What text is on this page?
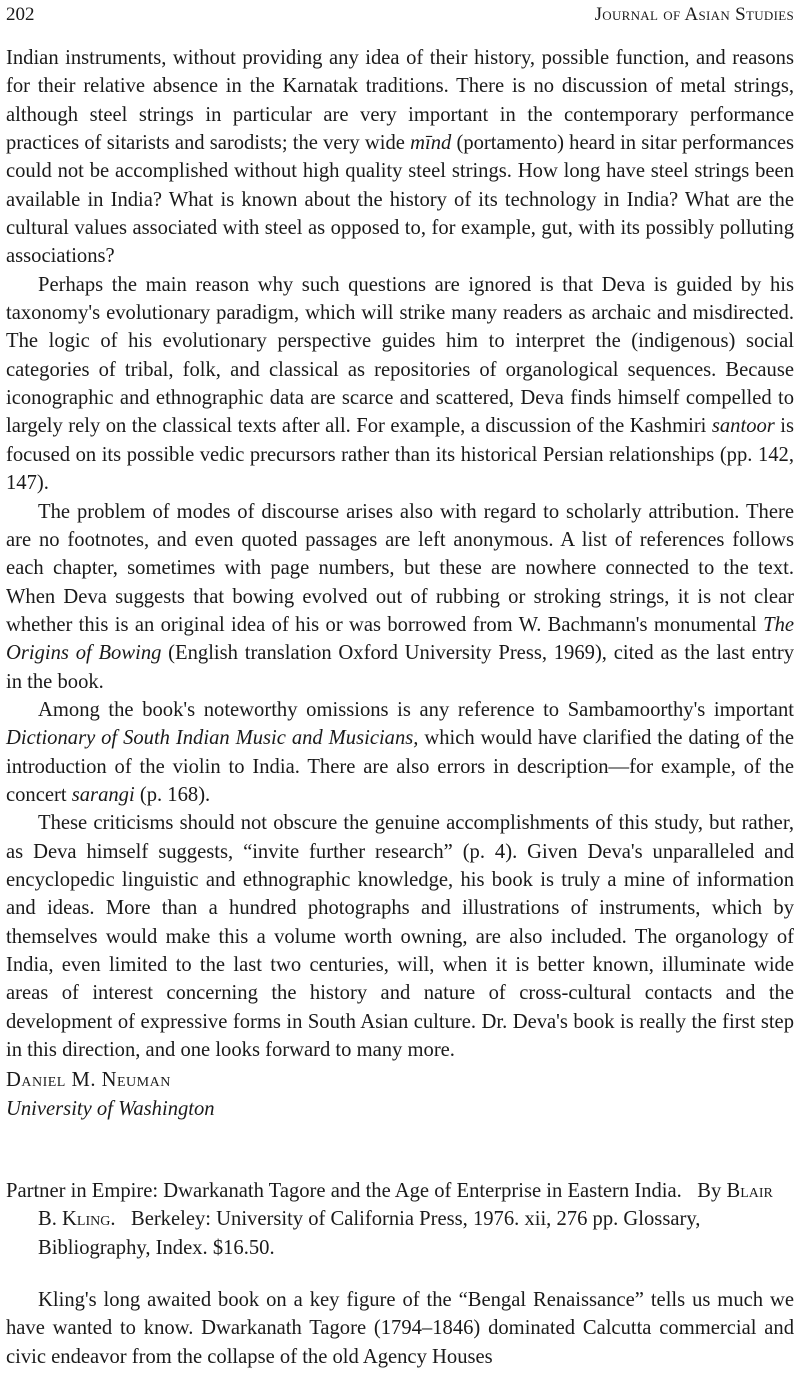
202	Journal of Asian Studies

Indian instruments, without providing any idea of their history, possible function, and reasons for their relative absence in the Karnatak traditions. There is no discussion of metal strings, although steel strings in particular are very important in the contemporary performance practices of sitarists and sarodists; the very wide mīnd (portamento) heard in sitar performances could not be accomplished without high quality steel strings. How long have steel strings been available in India? What is known about the history of its technology in India? What are the cultural values associated with steel as opposed to, for example, gut, with its possibly polluting associations?

Perhaps the main reason why such questions are ignored is that Deva is guided by his taxonomy's evolutionary paradigm, which will strike many readers as archaic and misdirected. The logic of his evolutionary perspective guides him to interpret the (indigenous) social categories of tribal, folk, and classical as repositories of organological sequences. Because iconographic and ethnographic data are scarce and scattered, Deva finds himself compelled to largely rely on the classical texts after all. For example, a discussion of the Kashmiri santoor is focused on its possible vedic precursors rather than its historical Persian relationships (pp. 142, 147).

The problem of modes of discourse arises also with regard to scholarly attribution. There are no footnotes, and even quoted passages are left anonymous. A list of references follows each chapter, sometimes with page numbers, but these are nowhere connected to the text. When Deva suggests that bowing evolved out of rubbing or stroking strings, it is not clear whether this is an original idea of his or was borrowed from W. Bachmann's monumental The Origins of Bowing (English translation Oxford University Press, 1969), cited as the last entry in the book.

Among the book's noteworthy omissions is any reference to Sambamoorthy's important Dictionary of South Indian Music and Musicians, which would have clarified the dating of the introduction of the violin to India. There are also errors in description—for example, of the concert sarangi (p. 168).

These criticisms should not obscure the genuine accomplishments of this study, but rather, as Deva himself suggests, “invite further research” (p. 4). Given Deva's unparalleled and encyclopedic linguistic and ethnographic knowledge, his book is truly a mine of information and ideas. More than a hundred photographs and illustrations of instruments, which by themselves would make this a volume worth owning, are also included. The organology of India, even limited to the last two centuries, will, when it is better known, illuminate wide areas of interest concerning the history and nature of cross-cultural contacts and the development of expressive forms in South Asian culture. Dr. Deva's book is really the first step in this direction, and one looks forward to many more.

Daniel M. Neuman
University of Washington

Partner in Empire: Dwarkanath Tagore and the Age of Enterprise in Eastern India. By Blair B. Kling. Berkeley: University of California Press, 1976. xii, 276 pp. Glossary, Bibliography, Index. $16.50.

Kling's long awaited book on a key figure of the “Bengal Renaissance” tells us much we have wanted to know. Dwarkanath Tagore (1794–1846) dominated Calcutta commercial and civic endeavor from the collapse of the old Agency Houses
